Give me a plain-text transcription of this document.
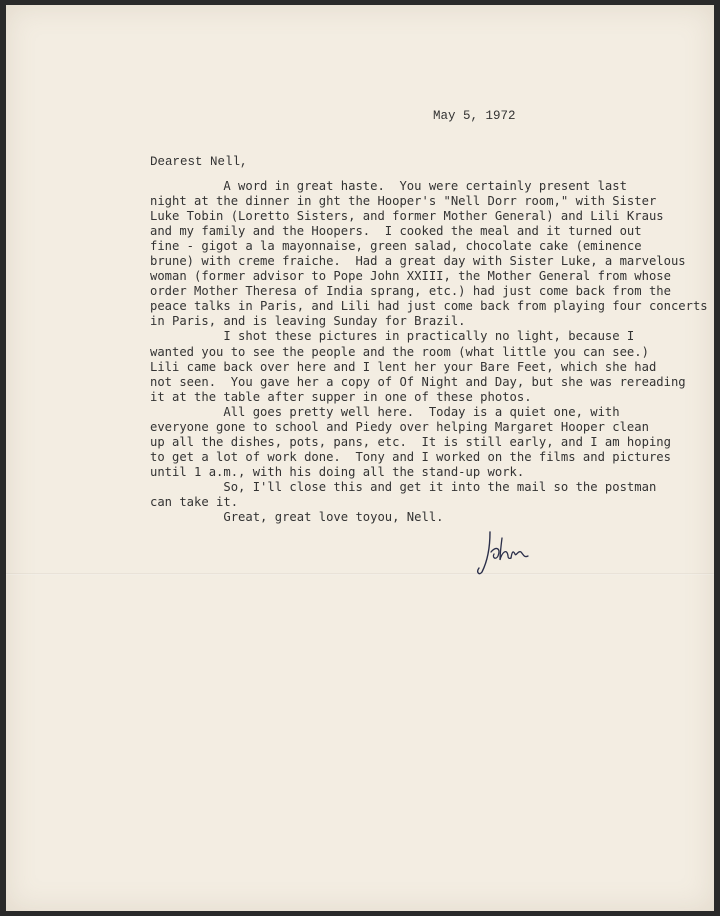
May 5, 1972
Dearest Nell,
A word in great haste.  You were certainly present last
night at the dinner in ght the Hooper's "Nell Dorr room," with Sister
Luke Tobin (Loretto Sisters, and former Mother General) and Lili Kraus
and my family and the Hoopers.  I cooked the meal and it turned out
fine - gigot a la mayonnaise, green salad, chocolate cake (eminence
brune) with creme fraiche.  Had a great day with Sister Luke, a marvelous
woman (former advisor to Pope John XXIII, the Mother General from whose
order Mother Theresa of India sprang, etc.) had just come back from the
peace talks in Paris, and Lili had just come back from playing four concerts
in Paris, and is leaving Sunday for Brazil.
I shot these pictures in practically no light, because I
wanted you to see the people and the room (what little you can see.)
Lili came back over here and I lent her your Bare Feet, which she had
not seen.  You gave her a copy of Of Night and Day, but she was rereading
it at the table after supper in one of these photos.
All goes pretty well here.  Today is a quiet one, with
everyone gone to school and Piedy over helping Margaret Hooper clean
up all the dishes, pots, pans, etc.  It is still early, and I am hoping
to get a lot of work done.  Tony and I worked on the films and pictures
until 1 a.m., with his doing all the stand-up work.
So, I'll close this and get it into the mail so the postman
can take it.
Great, great love toyou, Nell.
